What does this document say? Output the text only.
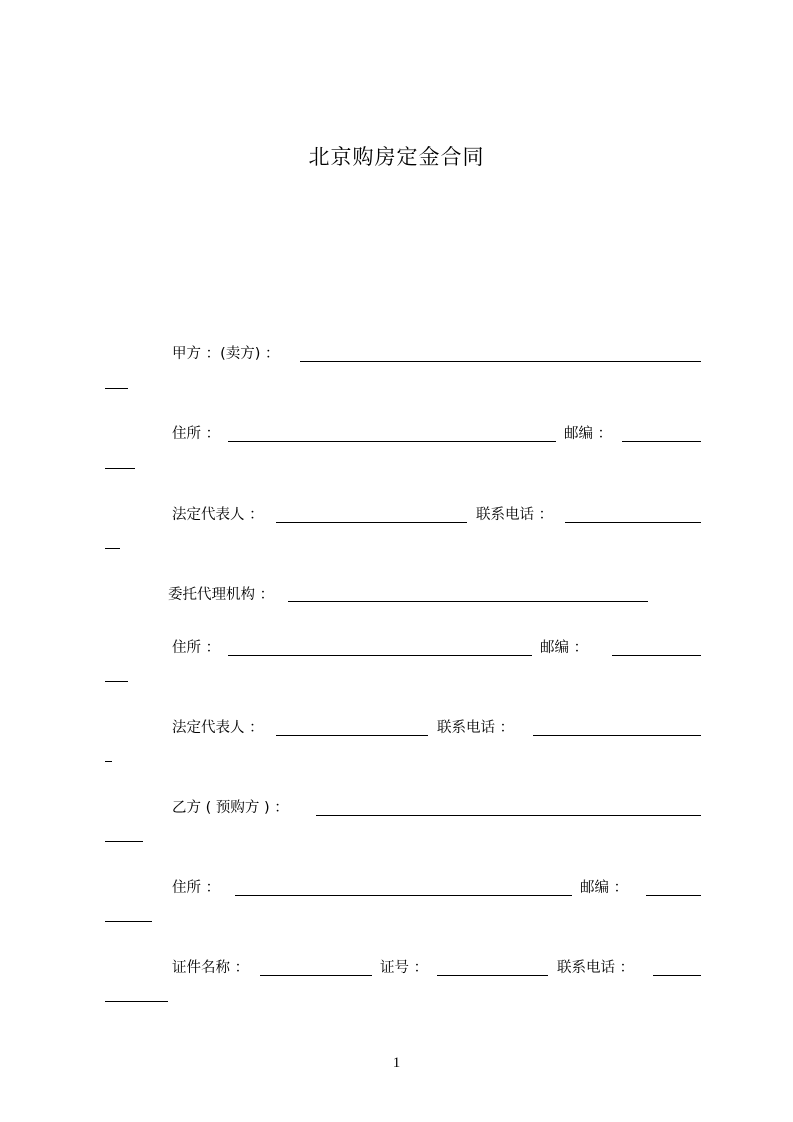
北京购房定金合同
甲方 ：(卖方) ：
住所 ：	邮编 ：
法定代表人 ：	联系电话 ：
委托代理机构 ：
住所 ：	邮编 ：
法定代表人 ：	联系电话 ：
乙方 ( 预购方 ) ：
住所 ：	邮编 ：
证件名称 ：	证号 ：	联系电话 ：
1
